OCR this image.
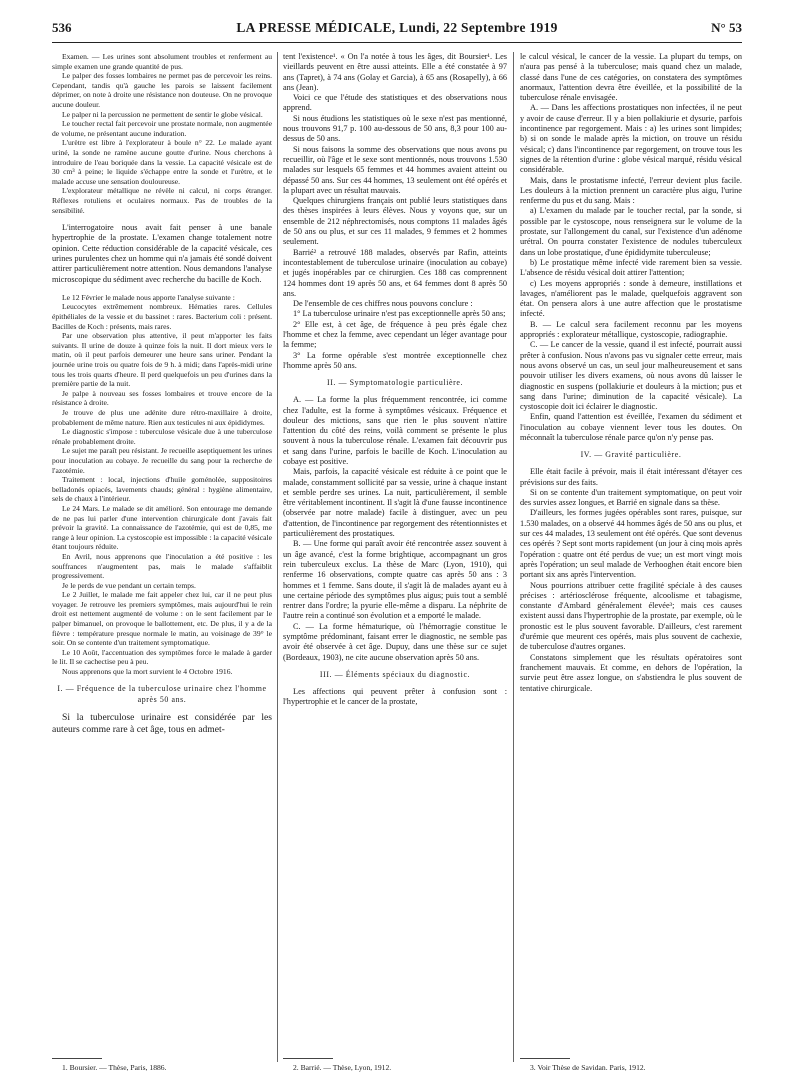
536	LA PRESSE MÉDICALE, Lundi, 22 Septembre 1919	N° 53

Examen. — Les urines sont absolument troubles et renferment au simple examen une grande quantité de pus.

Le palper des fosses lombaires ne permet pas de percevoir les reins. Cependant, tandis qu'à gauche les parois se laissent facilement déprimer, on note à droite une résistance non douteuse. On ne provoque aucune douleur.

Le palper ni la percussion ne permettent de sentir le globe vésical.

Le toucher rectal fait percevoir une prostate normale, non augmentée de volume, ne présentant aucune induration.

L'urètre est libre à l'explorateur à boule n° 22. Le malade ayant uriné, la sonde ne ramène aucune goutte d'urine. Nous cherchons à introduire de l'eau boriquée dans la vessie. La capacité vésicale est de 30 cm³ à peine; le liquide s'échappe entre la sonde et l'urètre, et le malade accuse une sensation douloureuse.

L'explorateur métallique ne révèle ni calcul, ni corps étranger. Réflexes rotuliens et oculaires normaux. Pas de troubles de la sensibilité.

L'interrogatoire nous avait fait penser à une banale hypertrophie de la prostate. L'examen change totalement notre opinion. Cette réduction considérable de la capacité vésicale, ces urines purulentes chez un homme qui n'a jamais été sondé doivent attirer particulièrement notre attention. Nous demandons l'analyse microscopique du sédiment avec recherche du bacille de Koch.

Le 12 Février le malade nous apporte l'analyse suivante :

Leucocytes extrêmement nombreux. Hématies rares. Cellules épithéliales de la vessie et du bassinet : rares. Bacterium coli : présent. Bacilles de Koch : présents, mais rares.

Par une observation plus attentive, il peut m'apporter les faits suivants. Il urine de douze à quinze fois la nuit. Il dort mieux vers le matin, où il peut parfois demeurer une heure sans uriner. Pendant la journée urine trois ou quatre fois de 9 h. à midi; dans l'après-midi urine tous les trois quarts d'heure. Il perd quelquefois un peu d'urines dans la première partie de la nuit.

Je palpe à nouveau ses fosses lombaires et trouve encore de la résistance à droite.

Je trouve de plus une adénite dure rétro-maxillaire à droite, probablement de même nature. Rien aux testicules ni aux épididymes.

Le diagnostic s'impose : tuberculose vésicale due à une tuberculose rénale probablement droite.

Le sujet me paraît peu résistant. Je recueille aseptiquement les urines pour inoculation au cobaye. Je recueille du sang pour la recherche de l'azotémie.

Traitement : local, injections d'huile goménolée, suppositoires belladonés opiacés, lavements chauds; général : hygiène alimentaire, sels de chaux à l'intérieur.

Le 24 Mars. Le malade se dit amélioré. Son entourage me demande de ne pas lui parler d'une intervention chirurgicale dont j'avais fait prévoir la gravité. La connaissance de l'azotémie, qui est de 0,85, me range à leur opinion. La cystoscopie est impossible : la capacité vésicale étant toujours réduite.

En Avril, nous apprenons que l'inoculation a été positive : les souffrances n'augmentent pas, mais le malade s'affaiblit progressivement.

Je le perds de vue pendant un certain temps.

Le 2 Juillet, le malade me fait appeler chez lui, car il ne peut plus voyager. Je retrouve les premiers symptômes, mais aujourd'hui le rein droit est nettement augmenté de volume : on le sent facilement par le palper bimanuel, on provoque le ballottement, etc. De plus, il y a de la fièvre : température presque normale le matin, au voisinage de 39° le soir. On se contente d'un traitement symptomatique.

Le 10 Août, l'accentuation des symptômes force le malade à garder le lit. Il se cachectise peu à peu.

Nous apprenons que la mort survient le 4 Octobre 1916.

I. — Fréquence de la tuberculose urinaire chez l'homme après 50 ans.

Si la tuberculose urinaire est considérée par les auteurs comme rare à cet âge, tous en admet-

tent l'existence¹. « On l'a notée à tous les âges, dit Boursier¹. Les vieillards peuvent en être aussi atteints. Elle a été constatée à 97 ans (Tapret), à 74 ans (Golay et Garcia), à 65 ans (Rosapelly), à 66 ans (Jean).

Voici ce que l'étude des statistiques et des observations nous apprend.

Si nous étudions les statistiques où le sexe n'est pas mentionné, nous trouvons 91,7 p. 100 au-dessous de 50 ans, 8,3 pour 100 au-dessus de 50 ans.

Si nous faisons la somme des observations que nous avons pu recueillir, où l'âge et le sexe sont mentionnés, nous trouvons 1.530 malades sur lesquels 65 femmes et 44 hommes avaient atteint ou dépassé 50 ans. Sur ces 44 hommes, 13 seulement ont été opérés et la plupart avec un résultat mauvais.

Quelques chirurgiens français ont publié leurs statistiques dans des thèses inspirées à leurs élèves. Nous y voyons que, sur un ensemble de 212 néphrectomisés, nous comptons 11 malades âgés de 50 ans ou plus, et sur ces 11 malades, 9 femmes et 2 hommes seulement.

Barrié² a retrouvé 188 malades, observés par Rafin, atteints incontestablement de tuberculose urinaire (inoculation au cobaye) et jugés inopérables par ce chirurgien. Ces 188 cas comprennent 124 hommes dont 19 après 50 ans, et 64 femmes dont 8 après 50 ans.

De l'ensemble de ces chiffres nous pouvons conclure :

1° La tuberculose urinaire n'est pas exceptionnelle après 50 ans;

2° Elle est, à cet âge, de fréquence à peu près égale chez l'homme et chez la femme, avec cependant un léger avantage pour la femme;

3° La forme opérable s'est montrée exceptionnelle chez l'homme après 50 ans.

II. — Symptomatologie particulière.

A. — La forme la plus fréquemment rencontrée, ici comme chez l'adulte, est la forme à symptômes vésicaux. Fréquence et douleur des mictions, sans que rien le plus souvent n'attire l'attention du côté des reins, voilà comment se présente le plus souvent à nous la tuberculose rénale. L'examen fait découvrir pus et sang dans l'urine, parfois le bacille de Koch. L'inoculation au cobaye est positive.

Mais, parfois, la capacité vésicale est réduite à ce point que le malade, constamment sollicité par sa vessie, urine à chaque instant et semble perdre ses urines. La nuit, particulièrement, il semble être véritablement incontinent. Il s'agit là d'une fausse incontinence (observée par notre malade) facile à distinguer, avec un peu d'attention, de l'incontinence par regorgement des rétentionnistes et particulièrement des prostatiques.

B. — Une forme qui paraît avoir été rencontrée assez souvent à un âge avancé, c'est la forme brightique, accompagnant un gros rein tuberculeux exclus. La thèse de Marc (Lyon, 1910), qui renferme 16 observations, compte quatre cas après 50 ans : 3 hommes et 1 femme. Sans doute, il s'agit là de malades ayant eu à une certaine période des symptômes plus aigus; puis tout a semblé rentrer dans l'ordre; la pyurie elle-même a disparu. La néphrite de l'autre rein a continué son évolution et a emporté le malade.

C. — La forme hématurique, où l'hémorragie constitue le symptôme prédominant, faisant errer le diagnostic, ne semble pas avoir été observée à cet âge. Dupuy, dans une thèse sur ce sujet (Bordeaux, 1903), ne cite aucune observation après 50 ans.

III. — Éléments spéciaux du diagnostic.

Les affections qui peuvent prêter à confusion sont : l'hypertrophie et le cancer de la prostate,

le calcul vésical, le cancer de la vessie. La plupart du temps, on n'aura pas pensé à la tuberculose; mais quand chez un malade, classé dans l'une de ces catégories, on constatera des symptômes anormaux, l'attention devra être éveillée, et la possibilité de la tuberculose rénale envisagée.

A. — Dans les affections prostatiques non infectées, il ne peut y avoir de cause d'erreur. Il y a bien pollakiurie et dysurie, parfois incontinence par regorgement. Mais : a) les urines sont limpides; b) si on sonde le malade après la miction, on trouve un résidu vésical; c) dans l'incontinence par regorgement, on trouve tous les signes de la rétention d'urine : globe vésical marqué, résidu vésical considérable.

Mais, dans le prostatisme infecté, l'erreur devient plus facile. Les douleurs à la miction prennent un caractère plus aigu, l'urine renferme du pus et du sang. Mais :

a) L'examen du malade par le toucher rectal, par la sonde, si possible par le cystoscope, nous renseignera sur le volume de la prostate, sur l'allongement du canal, sur l'existence d'un adénome urétral. On pourra constater l'existence de nodules tuberculeux dans un lobe prostatique, d'une épididymite tuberculeuse;

b) Le prostatique même infecté vide rarement bien sa vessie. L'absence de résidu vésical doit attirer l'attention;

c) Les moyens appropriés : sonde à demeure, instillations et lavages, n'améliorent pas le malade, quelquefois aggravent son état. On pensera alors à une autre affection que le prostatisme infecté.

B. — Le calcul sera facilement reconnu par les moyens appropriés : explorateur métallique, cystoscopie, radiographie.

C. — Le cancer de la vessie, quand il est infecté, pourrait aussi prêter à confusion. Nous n'avons pas vu signaler cette erreur, mais nous avons observé un cas, un seul jour malheureusement et sans pouvoir utiliser les divers examens, où nous avons dû laisser le diagnostic en suspens (pollakiurie et douleurs à la miction; pus et sang dans l'urine; diminution de la capacité vésicale). La cystoscopie doit ici éclairer le diagnostic.

Enfin, quand l'attention est éveillée, l'examen du sédiment et l'inoculation au cobaye viennent lever tous les doutes. On méconnaît la tuberculose rénale parce qu'on n'y pense pas.

IV. — Gravité particulière.

Elle était facile à prévoir, mais il était intéressant d'étayer ces prévisions sur des faits.

Si on se contente d'un traitement symptomatique, on peut voir des survies assez longues, et Barrié en signale dans sa thèse.

D'ailleurs, les formes jugées opérables sont rares, puisque, sur 1.530 malades, on a observé 44 hommes âgés de 50 ans ou plus, et sur ces 44 malades, 13 seulement ont été opérés. Que sont devenus ces opérés ? Sept sont morts rapidement (un jour à cinq mois après l'opération : quatre ont été perdus de vue; un est mort vingt mois après l'opération; un seul malade de Verhooghen était encore bien portant six ans après l'intervention.

Nous pourrions attribuer cette fragilité spéciale à des causes précises : artériosclérose fréquente, alcoolisme et tabagisme, constante d'Ambard généralement élevée³; mais ces causes existent aussi dans l'hypertrophie de la prostate, par exemple, où le pronostic est le plus souvent favorable. D'ailleurs, c'est rarement d'urémie que meurent ces opérés, mais plus souvent de cachexie, de tuberculose d'autres organes.

Constatons simplement que les résultats opératoires sont franchement mauvais. Et comme, en dehors de l'opération, la survie peut être assez longue, on s'abstiendra le plus souvent de tentative chirurgicale.

1. Boursier. — Thèse, Paris, 1886.	2. Barrié. — Thèse, Lyon, 1912.	3. Voir Thèse de Savidan. Paris, 1912.
